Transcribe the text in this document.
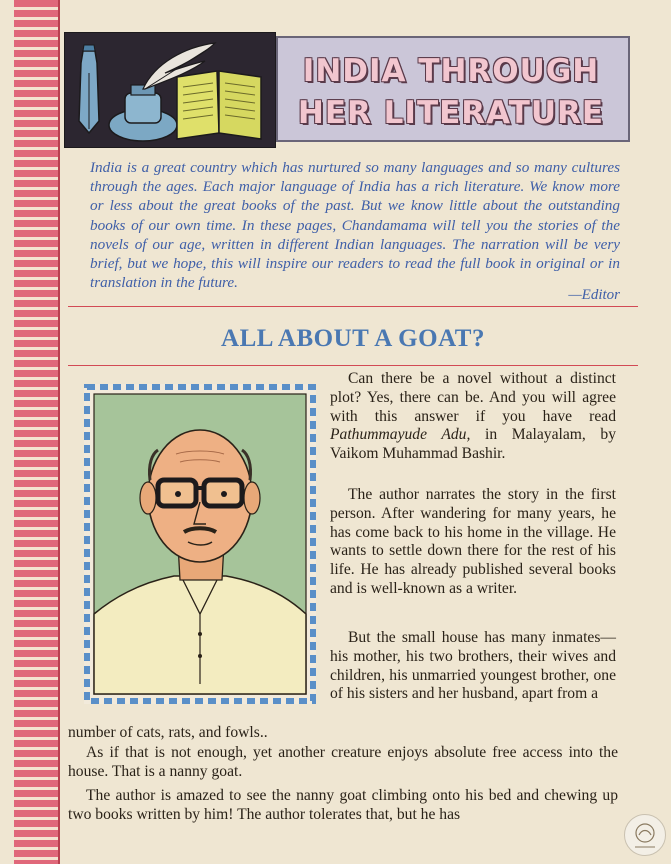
INDIA THROUGH
HER LITERATURE

India is a great country which has nurtured so many languages and so many cultures through the ages. Each major language of India has a rich literature. We know more or less about the great books of the past. But we know little about the outstanding books of our own time. In these pages, Chandamama will tell you the stories of the novels of our age, written in different Indian languages. The narration will be very brief, but we hope, this will inspire our readers to read the full book in original or in translation in the future.

—Editor
ALL ABOUT A GOAT?

Can there be a novel without a distinct plot? Yes, there can be. And you will agree with this answer if you have read Pathummayude Adu, in Malayalam, by Vaikom Muhammad Bashir.

The author narrates the story in the first person. After wandering for many years, he has come back to his home in the village. He wants to settle down there for the rest of his life. He has already published several books and is well-known as a writer.

But the small house has many inmates—his mother, his two brothers, their wives and children, his unmarried youngest brother, one of his sisters and her husband, apart from a

number of cats, rats, and fowls..

As if that is not enough, yet another creature enjoys absolute free access into the house. That is a nanny goat.

The author is amazed to see the nanny goat climbing onto his bed and chewing up two books written by him! The author tolerates that, but he has
